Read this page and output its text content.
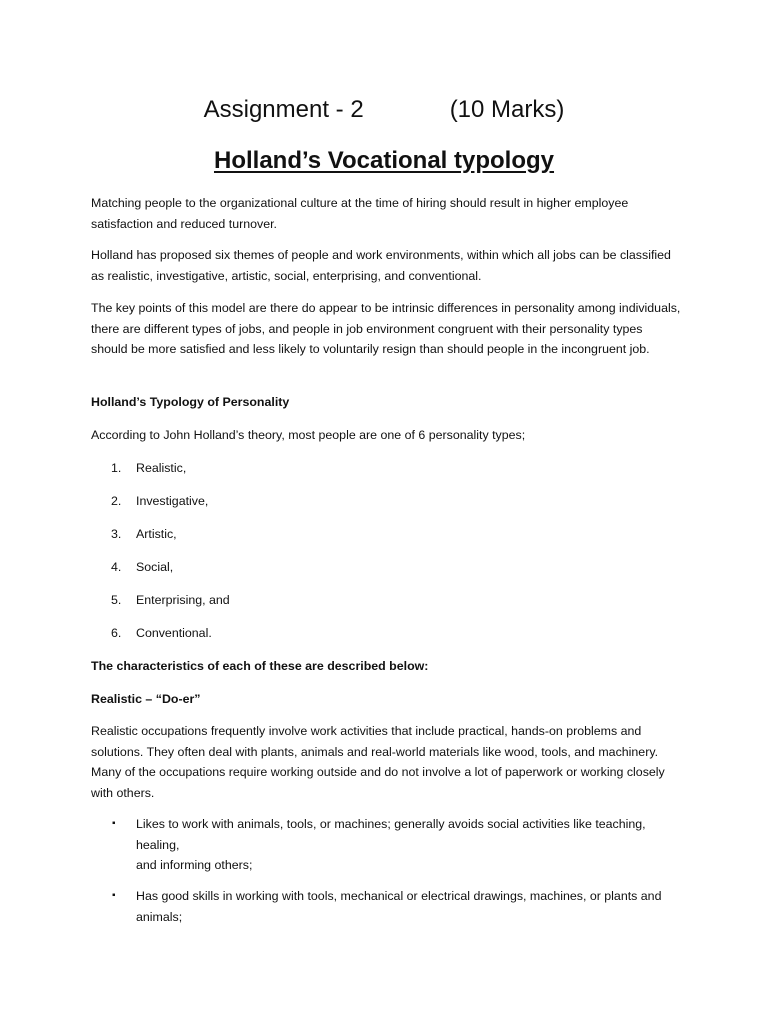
Assignment - 2	(10 Marks)
Holland’s Vocational typology

Matching people to the organizational culture at the time of hiring should result in higher employee satisfaction and reduced turnover.

Holland has proposed six themes of people and work environments, within which all jobs can be classified as realistic, investigative, artistic, social, enterprising, and conventional.

The key points of this model are there do appear to be intrinsic differences in personality among individuals, there are different types of jobs, and people in job environment congruent with their personality types should be more satisfied and less likely to voluntarily resign than should people in the incongruent job.

Holland’s Typology of Personality

According to John Holland’s theory, most people are one of 6 personality types;

1. Realistic,

2. Investigative,

3. Artistic,

4. Social,

5. Enterprising, and

6. Conventional.

The characteristics of each of these are described below:

Realistic – “Do-er”

Realistic occupations frequently involve work activities that include practical, hands-on problems and solutions. They often deal with plants, animals and real-world materials like wood, tools, and machinery. Many of the occupations require working outside and do not involve a lot of paperwork or working closely with others.

▪ Likes to work with animals, tools, or machines; generally avoids social activities like teaching,
healing,
and informing others;
▪ Has good skills in working with tools, mechanical or electrical drawings, machines, or plants and
animals;
